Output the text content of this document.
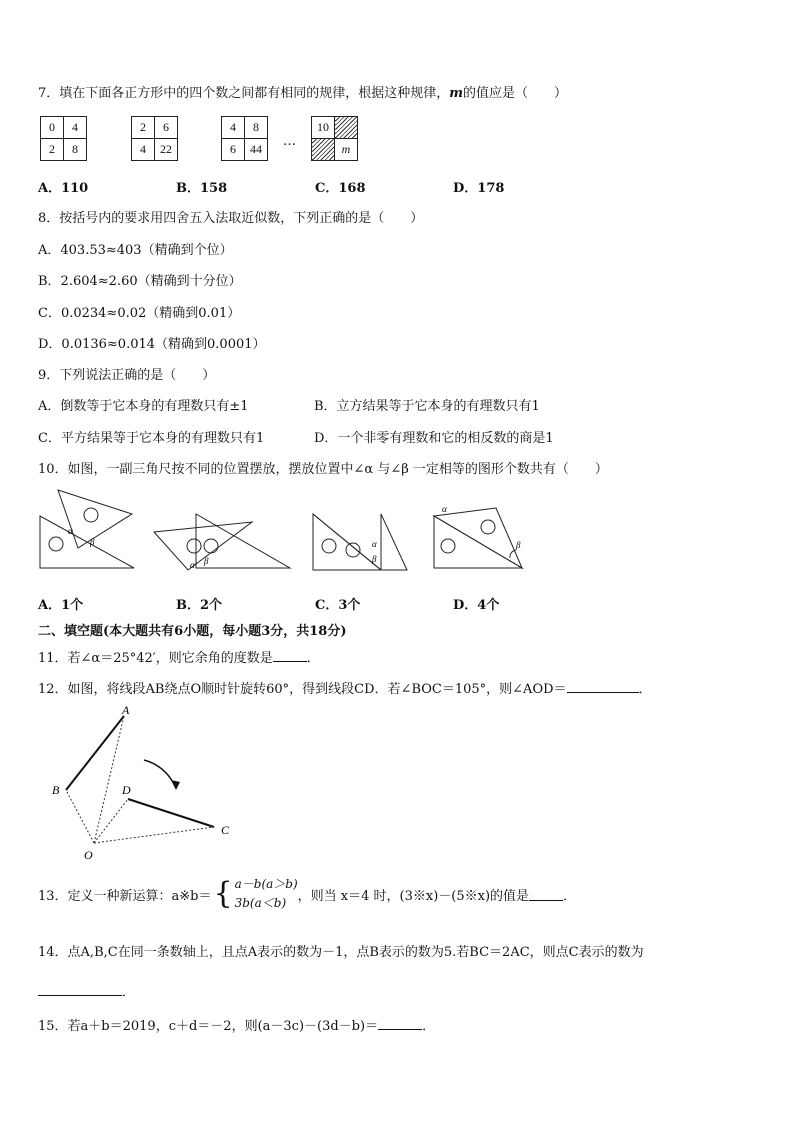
7．填在下面各正方形中的四个数之间都有相同的规律，根据这种规律，m的值应是（　　）
0	4
2	8
2	6
4	22
4	8
6	44 …
10	
	m
A．110	B．158	C．168	D．178
8．按括号内的要求用四舍五入法取近似数，下列正确的是（　　）
A．403.53≈403（精确到个位）
B．2.604≈2.60（精确到十分位）
C．0.0234≈0.02（精确到0.01）
D．0.0136≈0.014（精确到0.0001）
9．下列说法正确的是（　　）
A．倒数等于它本身的有理数只有±1	B．立方结果等于它本身的有理数只有1
C．平方结果等于它本身的有理数只有1	D．一个非零有理数和它的相反数的商是1
10．如图，一副三角尺按不同的位置摆放，摆放位置中∠α 与∠β 一定相等的图形个数共有（　　）
α
β
α β
α
β
α
β
A．1个	B．2个	C．3个	D．4个
二、填空题(本大题共有6小题，每小题3分，共18分)
11．若∠α＝25°42′，则它余角的度数是	．
12．如图，将线段AB绕点O顺时针旋转60°，得到线段CD．若∠BOC＝105°，则∠AOD＝	．
A
B	D
C
O
13．定义一种新运算：a※b＝ { a－b(a＞b)
3b(a＜b) ，则当 x＝4 时，(3※x)－(5※x)的值是	．
14．点A,B,C在同一条数轴上，且点A表示的数为－1，点B表示的数为5.若BC＝2AC，则点C表示的数为
．
15．若a＋b＝2019，c＋d＝－2，则(a－3c)－(3d－b)＝	．
